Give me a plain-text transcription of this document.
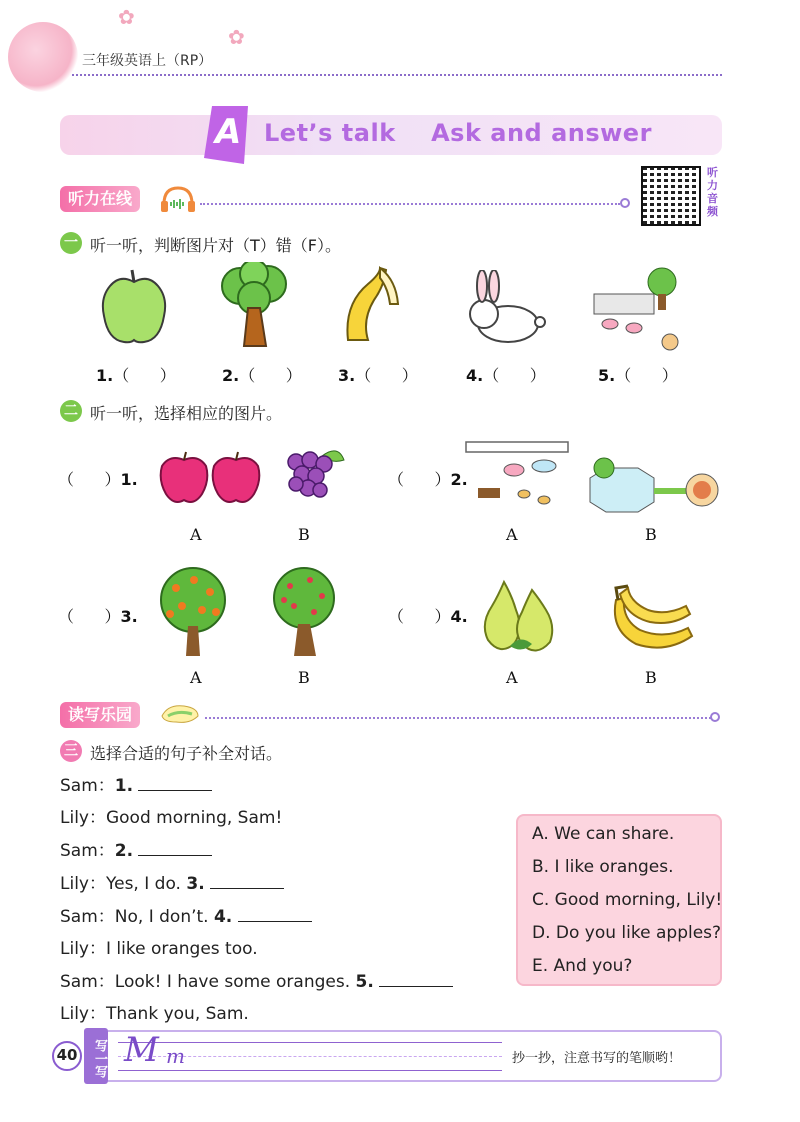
✿
✿
三年级英语上（RP）
A Let’s talk    Ask and answer
听力在线
听
力
音
频
一 听一听，判断图片对（T）错（F）。
1.（      ）	2.（      ） 3.（      ）	4.（      ）	5.（      ）
二 听一听，选择相应的图片。
（      ）1.
A	B
（      ）2.
A	B
（      ）3.
A	B
（      ）4.
A	B
读写乐园
三 选择合适的句子补全对话。
Sam：1.
Lily：Good morning, Sam!
Sam：2.
Lily：Yes, I do. 3.
Sam：No, I don’t. 4.
Lily：I like oranges too.
Sam：Look! I have some oranges. 5.
Lily：Thank you, Sam.
A. We can share.
B. I like oranges.
C. Good morning, Lily!
D. Do you like apples?
E. And you?
写一写
40 M m	抄一抄，注意书写的笔顺哟！
